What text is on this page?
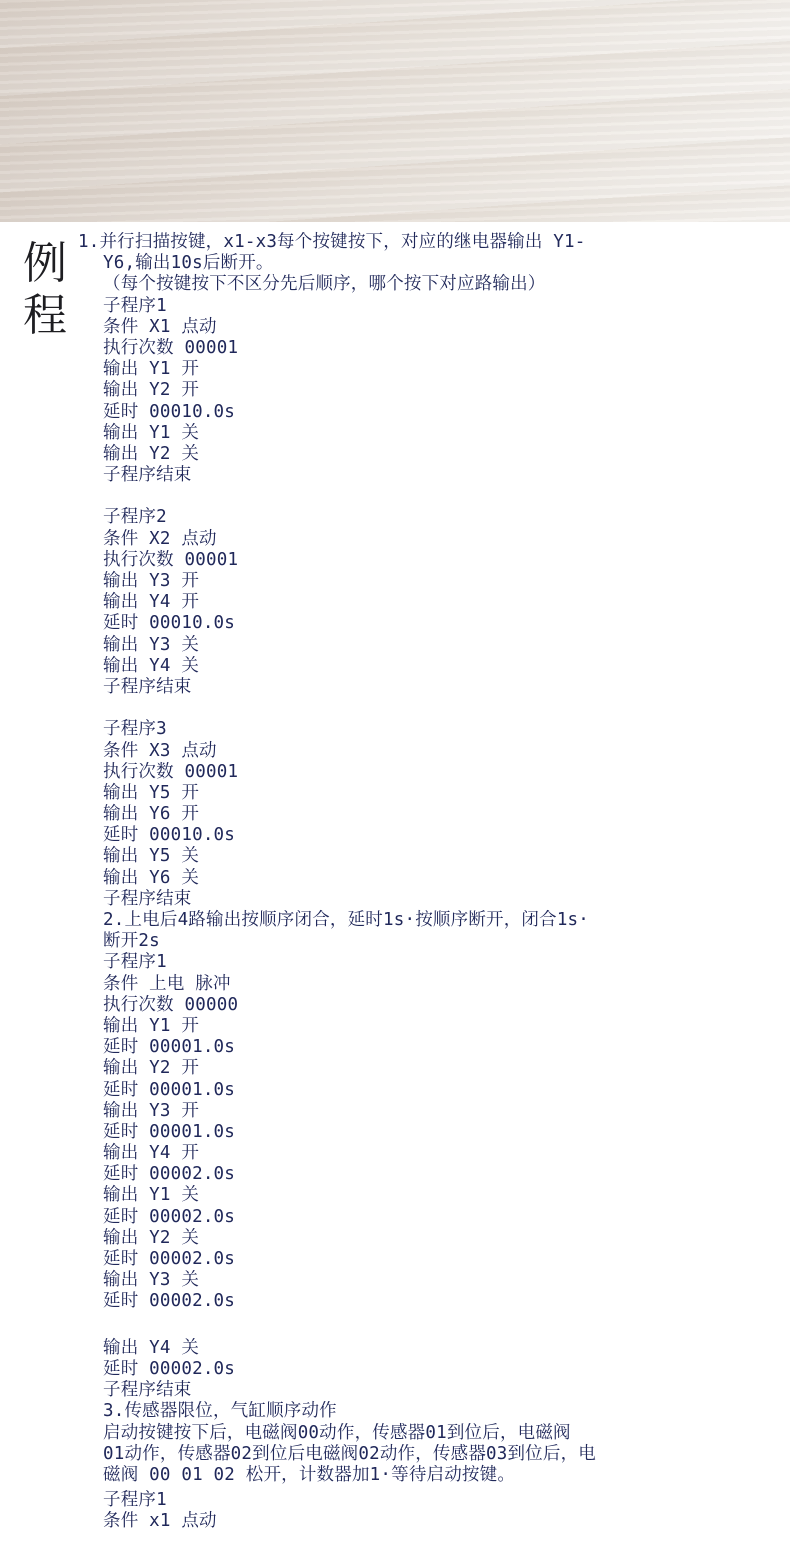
例
程
1.并行扫描按键，x1-x3每个按键按下，对应的继电器输出 Y1-
Y6,输出10s后断开。
（每个按键按下不区分先后顺序，哪个按下对应路输出）
子程序1
条件 X1 点动
执行次数 00001
输出 Y1 开
输出 Y2 开
延时 00010.0s
输出 Y1 关
输出 Y2 关
子程序结束
子程序2
条件 X2 点动
执行次数 00001
输出 Y3 开
输出 Y4 开
延时 00010.0s
输出 Y3 关
输出 Y4 关
子程序结束
子程序3
条件 X3 点动
执行次数 00001
输出 Y5 开
输出 Y6 开
延时 00010.0s
输出 Y5 关
输出 Y6 关
子程序结束
2.上电后4路输出按顺序闭合，延时1s·按顺序断开，闭合1s·
断开2s
子程序1
条件 上电 脉冲
执行次数 00000
输出 Y1 开
延时 00001.0s
输出 Y2 开
延时 00001.0s
输出 Y3 开
延时 00001.0s
输出 Y4 开
延时 00002.0s
输出 Y1 关
延时 00002.0s
输出 Y2 关
延时 00002.0s
输出 Y3 关
延时 00002.0s
输出 Y4 关
延时 00002.0s
子程序结束
3.传感器限位，气缸顺序动作
启动按键按下后，电磁阀00动作，传感器01到位后，电磁阀
01动作，传感器02到位后电磁阀02动作，传感器03到位后，电
磁阀 00 01 02 松开，计数器加1·等待启动按键。
子程序1
条件 x1 点动
